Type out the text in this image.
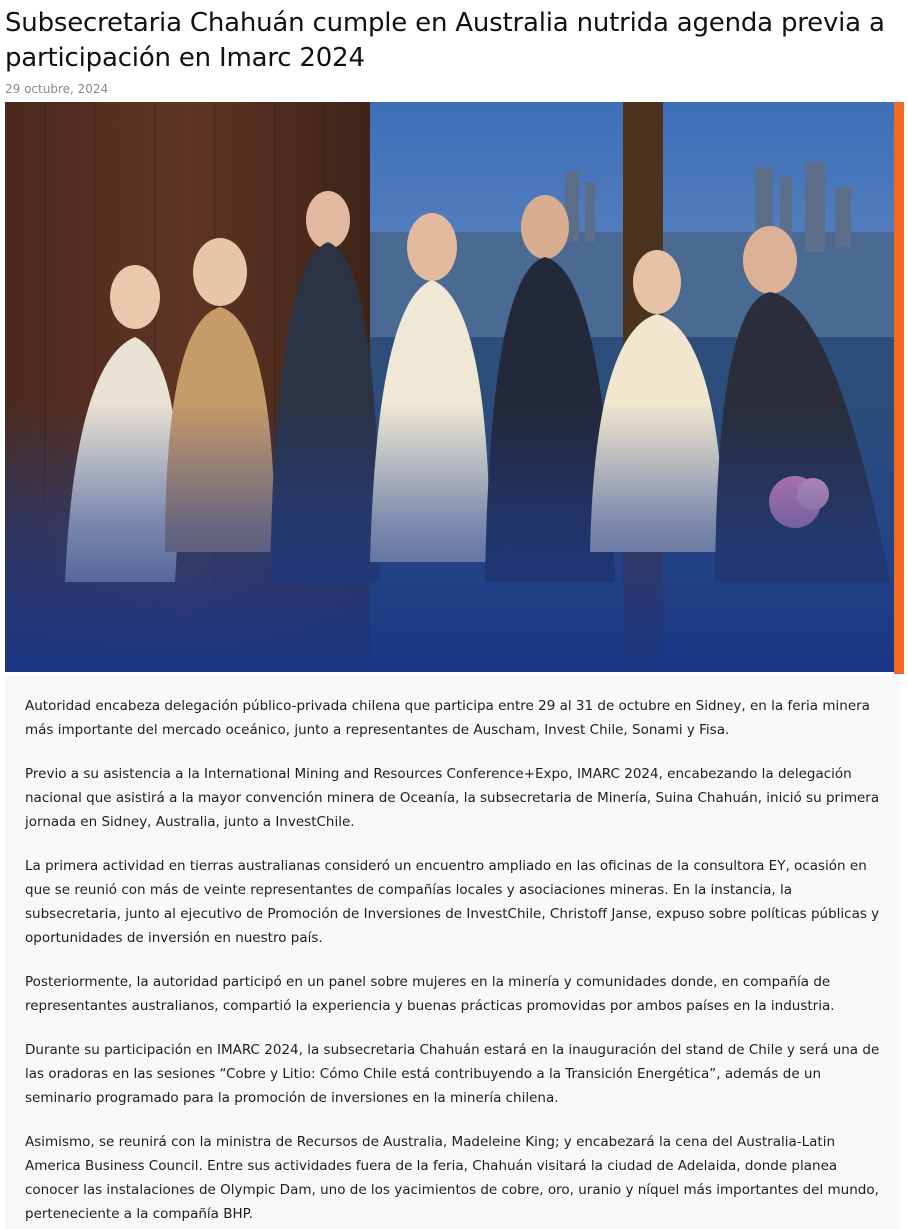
Subsecretaria Chahuán cumple en Australia nutrida agenda previa a participación en Imarc 2024
29 octubre, 2024

Autoridad encabeza delegación público-privada chilena que participa entre 29 al 31 de octubre en Sidney, en la feria minera más importante del mercado oceánico, junto a representantes de Auscham, Invest Chile, Sonami y Fisa.

Previo a su asistencia a la International Mining and Resources Conference+Expo, IMARC 2024, encabezando la delegación nacional que asistirá a la mayor convención minera de Oceanía, la subsecretaria de Minería, Suina Chahuán, inició su primera jornada en Sidney, Australia, junto a InvestChile.

La primera actividad en tierras australianas consideró un encuentro ampliado en las oficinas de la consultora EY, ocasión en que se reunió con más de veinte representantes de compañías locales y asociaciones mineras. En la instancia, la subsecretaria, junto al ejecutivo de Promoción de Inversiones de InvestChile, Christoff Janse, expuso sobre políticas públicas y oportunidades de inversión en nuestro país.

Posteriormente, la autoridad participó en un panel sobre mujeres en la minería y comunidades donde, en compañía de representantes australianos, compartió la experiencia y buenas prácticas promovidas por ambos países en la industria.

Durante su participación en IMARC 2024, la subsecretaria Chahuán estará en la inauguración del stand de Chile y será una de las oradoras en las sesiones “Cobre y Litio: Cómo Chile está contribuyendo a la Transición Energética”, además de un seminario programado para la promoción de inversiones en la minería chilena.

Asimismo, se reunirá con la ministra de Recursos de Australia, Madeleine King; y encabezará la cena del Australia-Latin America Business Council. Entre sus actividades fuera de la feria, Chahuán visitará la ciudad de Adelaida, donde planea conocer las instalaciones de Olympic Dam, uno de los yacimientos de cobre, oro, uranio y níquel más importantes del mundo, perteneciente a la compañía BHP.
